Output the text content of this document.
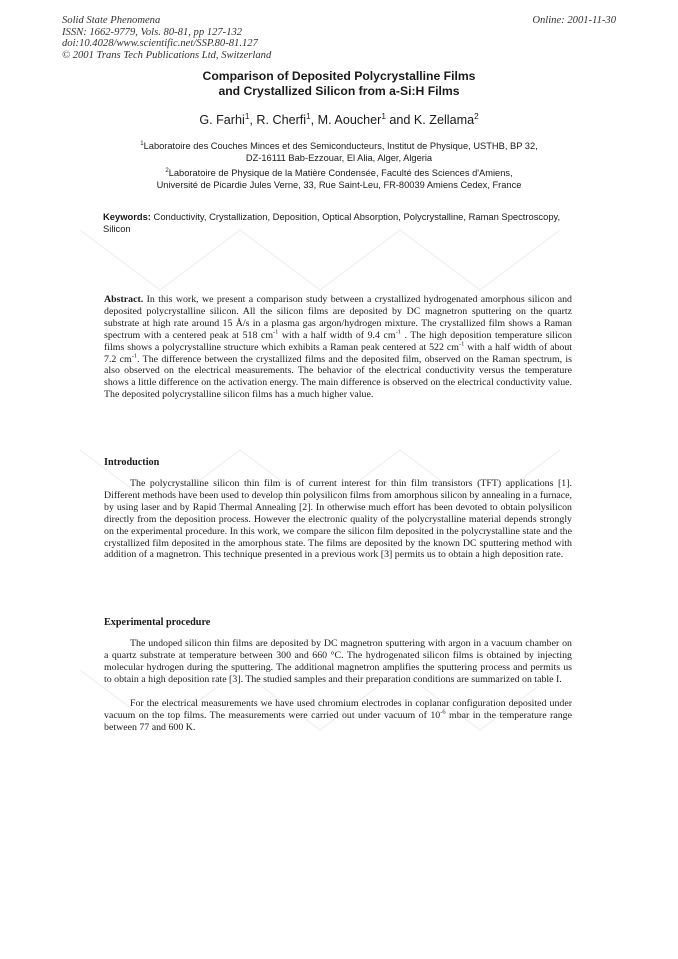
Solid State Phenomena
ISSN: 1662-9779, Vols. 80-81, pp 127-132
doi:10.4028/www.scientific.net/SSP.80-81.127
© 2001 Trans Tech Publications Ltd, Switzerland
Online: 2001-11-30
Comparison of Deposited Polycrystalline Films
and Crystallized Silicon from a-Si:H Films
G. Farhi$^1$, R. Cherfi$^1$, M. Aoucher$^1$ and K. Zellama$^2$
$^1$Laboratoire des Couches Minces et des Semiconducteurs, Institut de Physique, USTHB, BP 32,
DZ-16111 Bab-Ezzouar, El Alia, Alger, Algeria
$^2$Laboratoire de Physique de la Matière Condensée, Faculté des Sciences d'Amiens,
Université de Picardie Jules Verne, 33, Rue Saint-Leu, FR-80039 Amiens Cedex, France
Keywords: Conductivity, Crystallization, Deposition, Optical Absorption, Polycrystalline, Raman Spectroscopy, Silicon
Abstract. In this work, we present a comparison study between a crystallized hydrogenated amorphous silicon and deposited polycrystalline silicon. All the silicon films are deposited by DC magnetron sputtering on the quartz substrate at high rate around 15 Å/s in a plasma gas argon/hydrogen mixture. The crystallized film shows a Raman spectrum with a centered peak at 518 $cm^{-1}$ with a half width of 9.4 $cm^{-1}$ . The high deposition temperature silicon films shows a polycrystalline structure which exhibits a Raman peak centered at 522 $cm^{-1}$ with a half width of about 7.2 $cm^{-1}$. The difference between the crystallized films and the deposited film, observed on the Raman spectrum, is also observed on the electrical measurements. The behavior of the electrical conductivity versus the temperature shows a little difference on the activation energy. The main difference is observed on the electrical conductivity value. The deposited polycrystalline silicon films has a much higher value.
Introduction
The polycrystalline silicon thin film is of current interest for thin film transistors (TFT) applications [1]. Different methods have been used to develop thin polysilicon films from amorphous silicon by annealing in a furnace, by using laser and by Rapid Thermal Annealing [2]. In otherwise much effort has been devoted to obtain polysilicon directly from the deposition process. However the electronic quality of the polycrystalline material depends strongly on the experimental procedure. In this work, we compare the silicon film deposited in the polycrystalline state and the crystallized film deposited in the amorphous state. The films are deposited by the known DC sputtering method with addition of a magnetron. This technique presented in a previous work [3] permits us to obtain a high deposition rate.
Experimental procedure
The undoped silicon thin films are deposited by DC magnetron sputtering with argon in a vacuum chamber on a quartz substrate at temperature between 300 and 660 °C. The hydrogenated silicon films is obtained by injecting molecular hydrogen during the sputtering. The additional magnetron amplifies the sputtering process and permits us to obtain a high deposition rate [3]. The studied samples and their preparation conditions are summarized on table I.
For the electrical measurements we have used chromium electrodes in coplanar configuration deposited under vacuum on the top films. The measurements were carried out under vacuum of $10^{-6}$ mbar in the temperature range between 77 and 600 K.
